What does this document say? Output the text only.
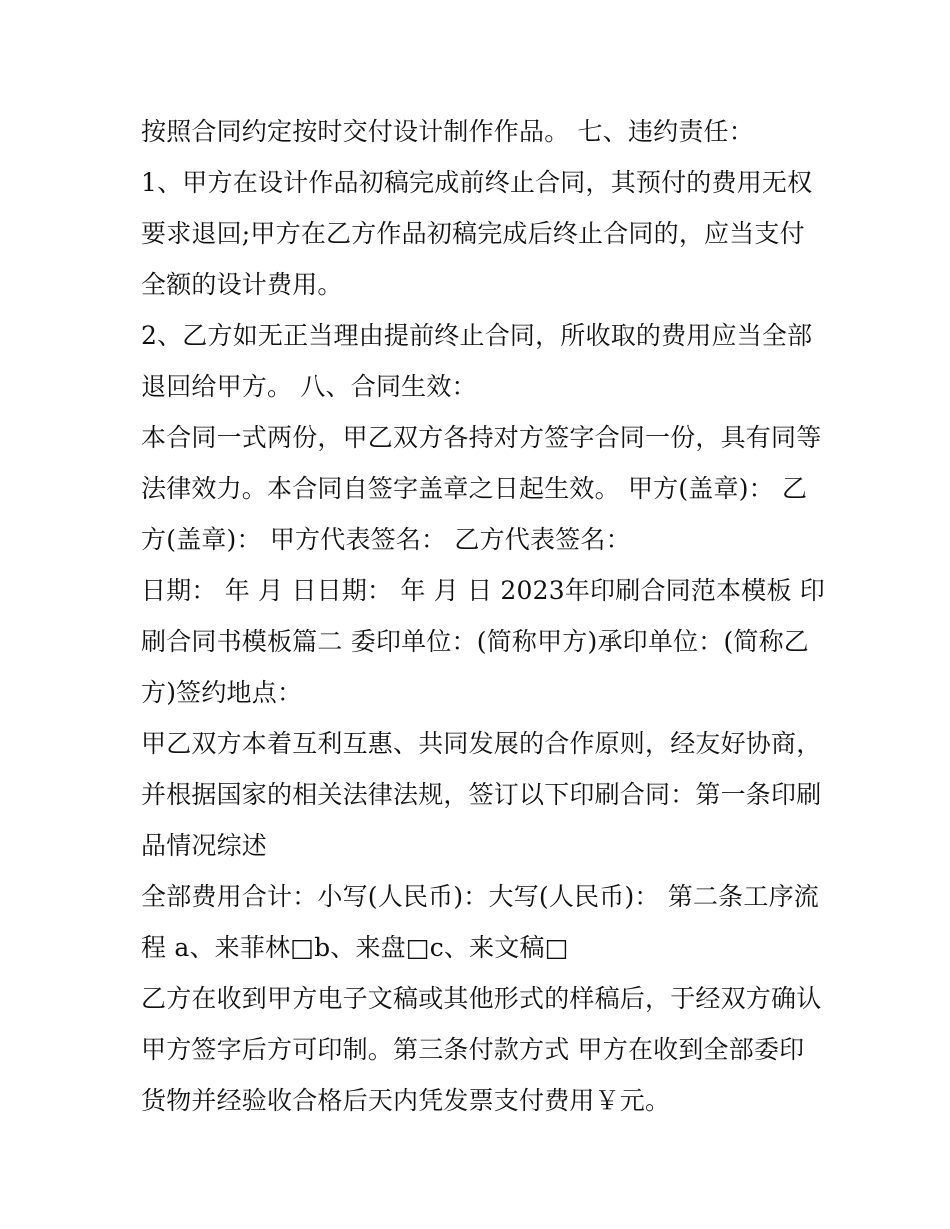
按照合同约定按时交付设计制作作品。 七、违约责任：
1、甲方在设计作品初稿完成前终止合同，其预付的费用无权
要求退回;甲方在乙方作品初稿完成后终止合同的，应当支付
全额的设计费用。
2、乙方如无正当理由提前终止合同，所收取的费用应当全部
退回给甲方。 八、合同生效：
本合同一式两份，甲乙双方各持对方签字合同一份，具有同等
法律效力。本合同自签字盖章之日起生效。 甲方(盖章)： 乙
方(盖章)： 甲方代表签名： 乙方代表签名：
日期： 年 月 日日期： 年 月 日 2023年印刷合同范本模板 印
刷合同书模板篇二 委印单位：(简称甲方)承印单位：(简称乙
方)签约地点：
甲乙双方本着互利互惠、共同发展的合作原则，经友好协商，
并根据国家的相关法律法规，签订以下印刷合同：第一条印刷
品情况综述
全部费用合计：小写(人民币)：大写(人民币)： 第二条工序流
程 a、来菲林□b、来盘□c、来文稿□
乙方在收到甲方电子文稿或其他形式的样稿后，于经双方确认
甲方签字后方可印制。第三条付款方式 甲方在收到全部委印
货物并经验收合格后天内凭发票支付费用￥元。
